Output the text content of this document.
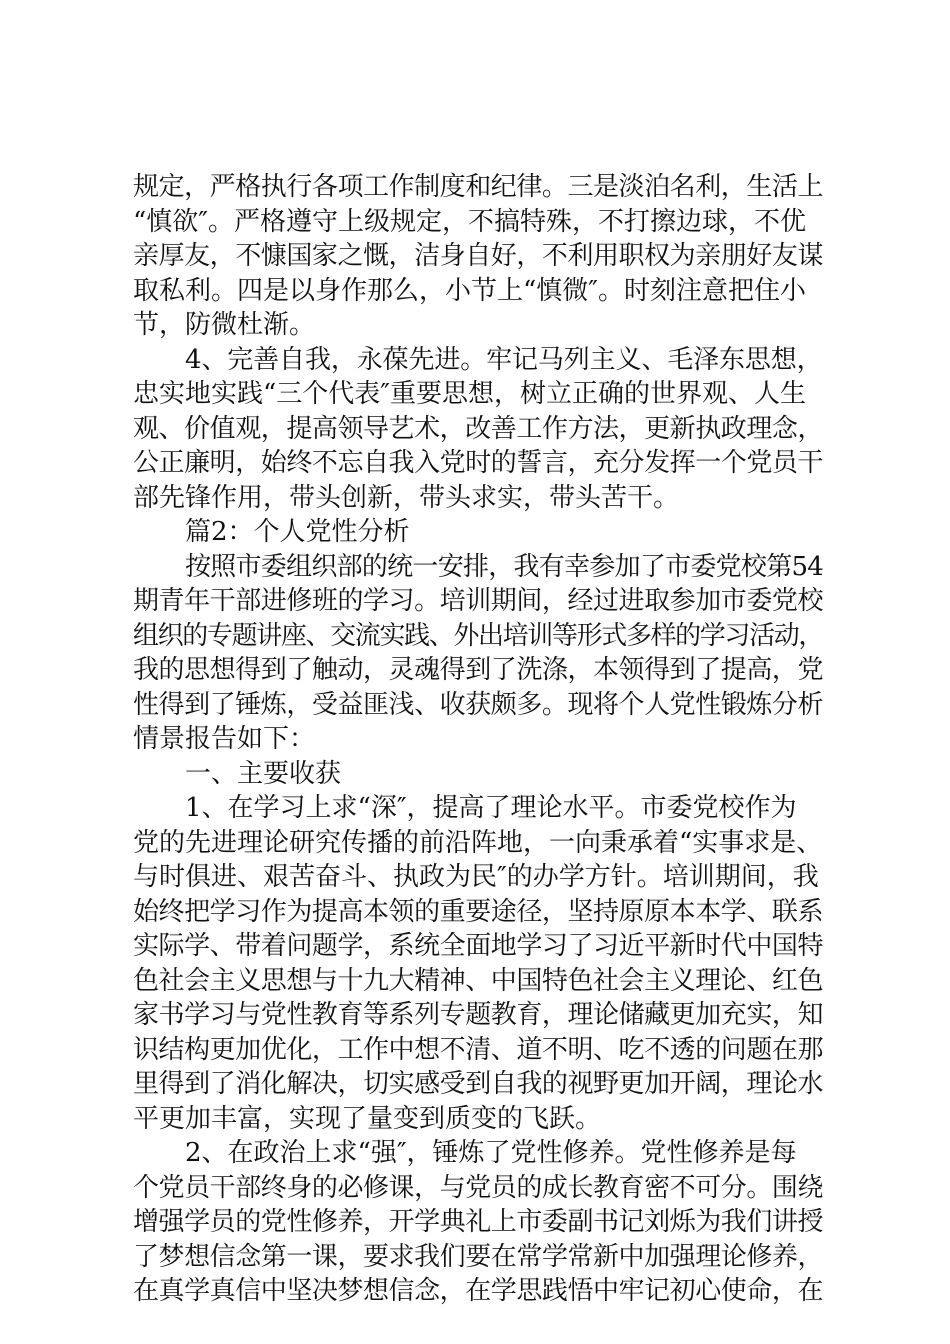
规定，严格执行各项工作制度和纪律。三是淡泊名利，生活上
“慎欲″。严格遵守上级规定，不搞特殊，不打擦边球，不优
亲厚友，不慷国家之慨，洁身自好，不利用职权为亲朋好友谋
取私利。四是以身作那么，小节上“慎微″。时刻注意把住小
节，防微杜渐。
4、完善自我，永葆先进。牢记马列主义、毛泽东思想，
忠实地实践“三个代表″重要思想，树立正确的世界观、人生
观、价值观，提高领导艺术，改善工作方法，更新执政理念，
公正廉明，始终不忘自我入党时的誓言，充分发挥一个党员干
部先锋作用，带头创新，带头求实，带头苦干。
篇2：个人党性分析
按照市委组织部的统一安排，我有幸参加了市委党校第54
期青年干部进修班的学习。培训期间，经过进取参加市委党校
组织的专题讲座、交流实践、外出培训等形式多样的学习活动，
我的思想得到了触动，灵魂得到了洗涤，本领得到了提高，党
性得到了锤炼，受益匪浅、收获颇多。现将个人党性锻炼分析
情景报告如下：
一、主要收获
1、在学习上求“深″，提高了理论水平。市委党校作为
党的先进理论研究传播的前沿阵地，一向秉承着“实事求是、
与时俱进、艰苦奋斗、执政为民″的办学方针。培训期间，我
始终把学习作为提高本领的重要途径，坚持原原本本学、联系
实际学、带着问题学，系统全面地学习了习近平新时代中国特
色社会主义思想与十九大精神、中国特色社会主义理论、红色
家书学习与党性教育等系列专题教育，理论储藏更加充实，知
识结构更加优化，工作中想不清、道不明、吃不透的问题在那
里得到了消化解决，切实感受到自我的视野更加开阔，理论水
平更加丰富，实现了量变到质变的飞跃。
2、在政治上求“强″，锤炼了党性修养。党性修养是每
个党员干部终身的必修课，与党员的成长教育密不可分。围绕
增强学员的党性修养，开学典礼上市委副书记刘烁为我们讲授
了梦想信念第一课，要求我们要在常学常新中加强理论修养，
在真学真信中坚决梦想信念，在学思践悟中牢记初心使命，在
